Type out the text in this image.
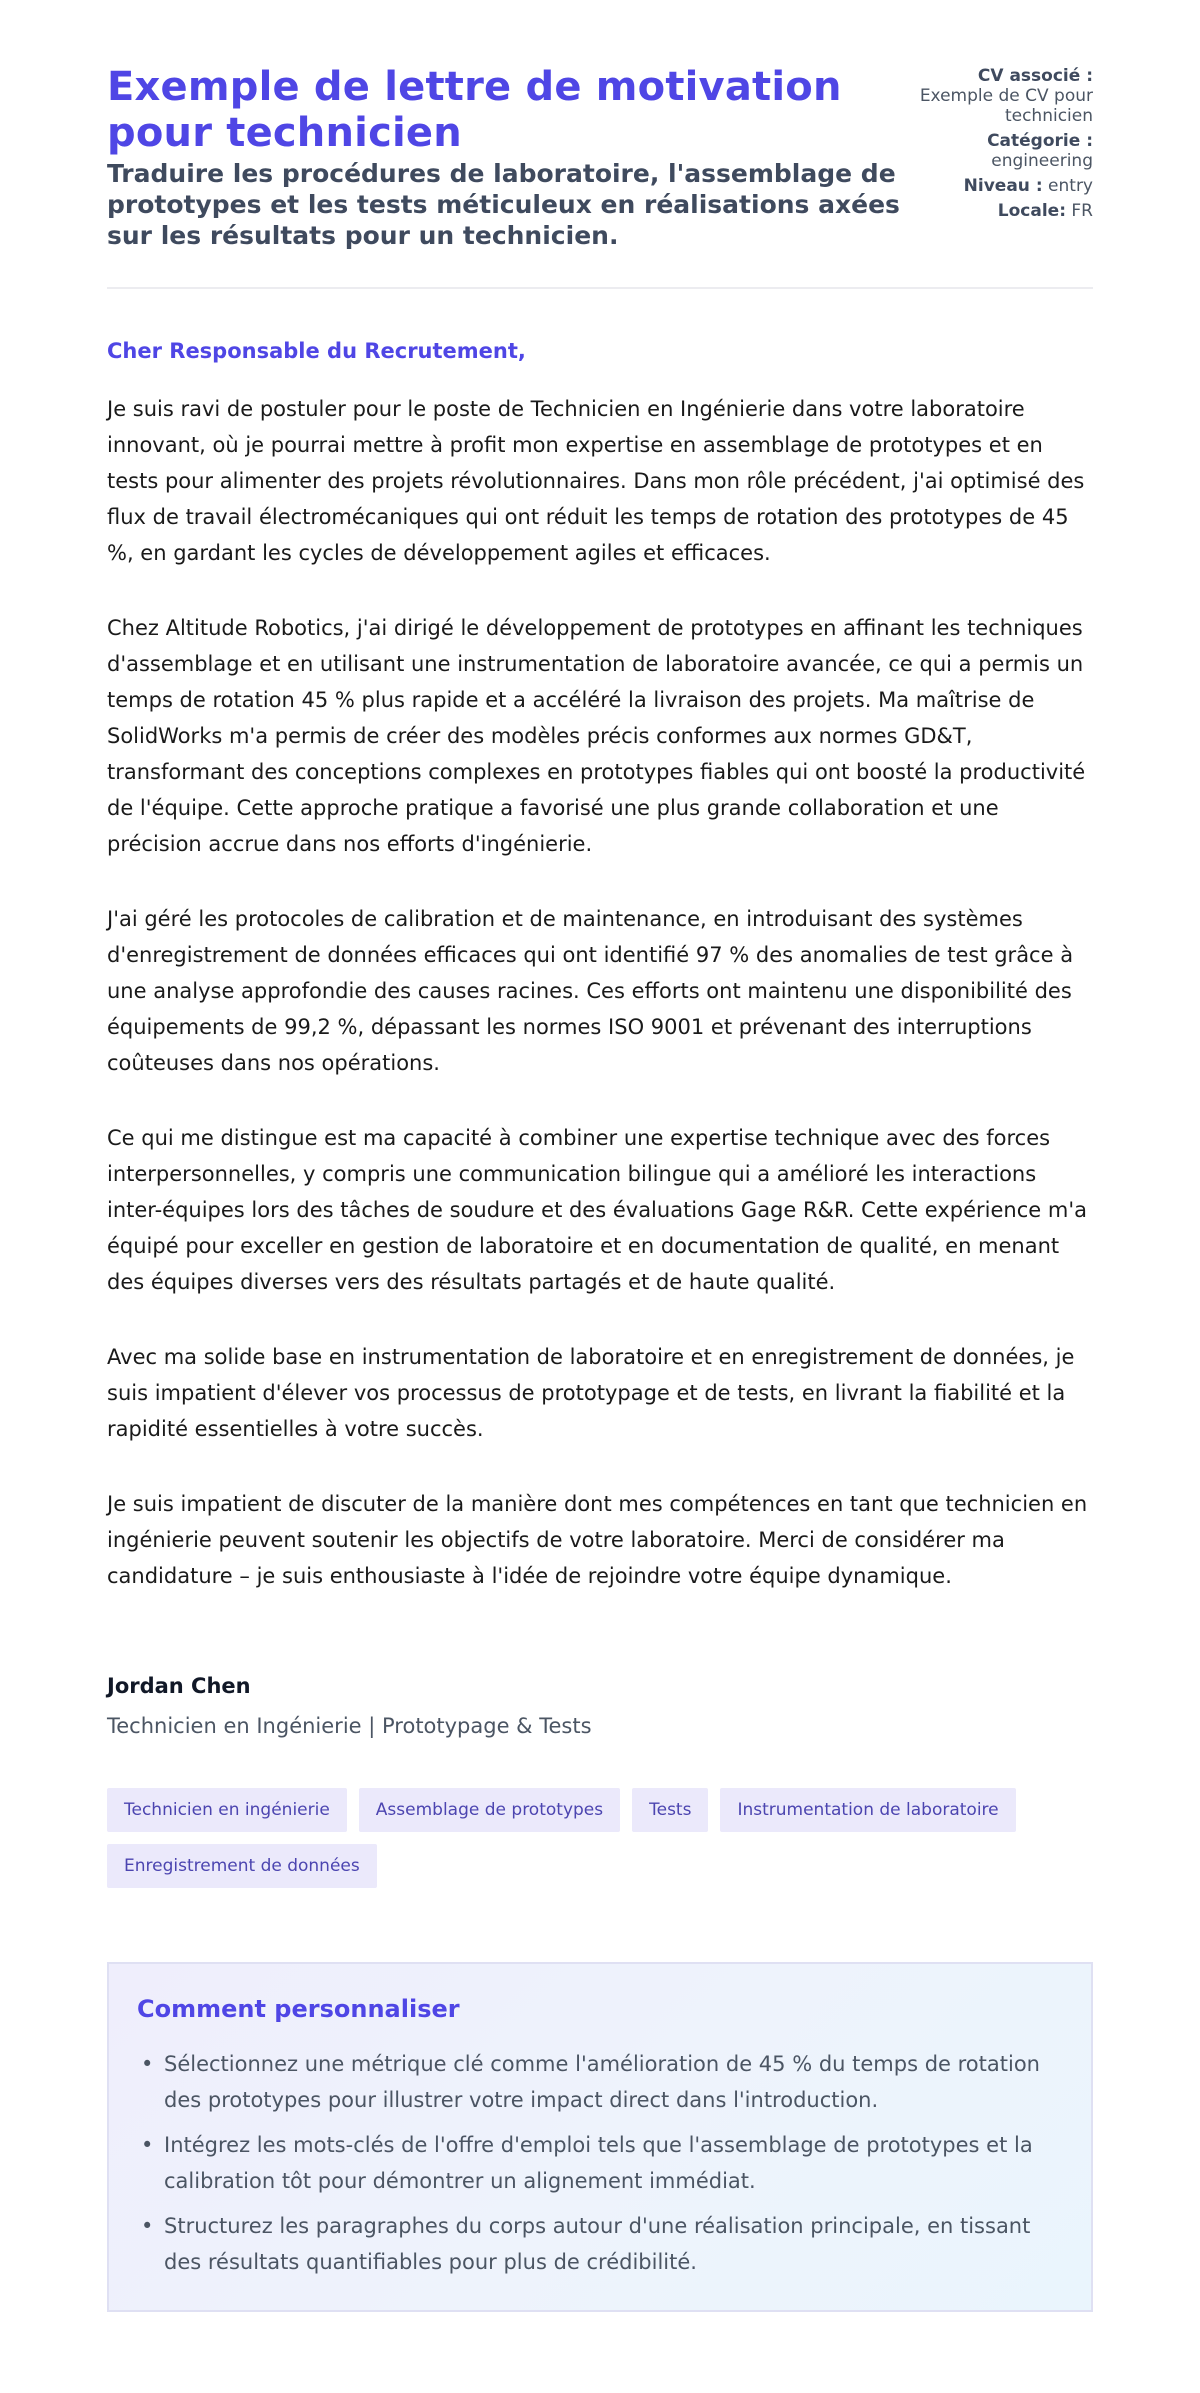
Exemple de lettre de motivation pour technicien
Traduire les procédures de laboratoire, l'assemblage de prototypes et les tests méticuleux en réalisations axées sur les résultats pour un technicien.
CV associé :
Exemple de CV pour technicien
Catégorie :
engineering
Niveau : entry
Locale: FR

Cher Responsable du Recrutement,

Je suis ravi de postuler pour le poste de Technicien en Ingénierie dans votre laboratoire innovant, où je pourrai mettre à profit mon expertise en assemblage de prototypes et en tests pour alimenter des projets révolutionnaires. Dans mon rôle précédent, j'ai optimisé des flux de travail électromécaniques qui ont réduit les temps de rotation des prototypes de 45 %, en gardant les cycles de développement agiles et efficaces.

Chez Altitude Robotics, j'ai dirigé le développement de prototypes en affinant les techniques d'assemblage et en utilisant une instrumentation de laboratoire avancée, ce qui a permis un temps de rotation 45 % plus rapide et a accéléré la livraison des projets. Ma maîtrise de SolidWorks m'a permis de créer des modèles précis conformes aux normes GD&T, transformant des conceptions complexes en prototypes fiables qui ont boosté la productivité de l'équipe. Cette approche pratique a favorisé une plus grande collaboration et une précision accrue dans nos efforts d'ingénierie.

J'ai géré les protocoles de calibration et de maintenance, en introduisant des systèmes d'enregistrement de données efficaces qui ont identifié 97 % des anomalies de test grâce à une analyse approfondie des causes racines. Ces efforts ont maintenu une disponibilité des équipements de 99,2 %, dépassant les normes ISO 9001 et prévenant des interruptions coûteuses dans nos opérations.

Ce qui me distingue est ma capacité à combiner une expertise technique avec des forces interpersonnelles, y compris une communication bilingue qui a amélioré les interactions inter-équipes lors des tâches de soudure et des évaluations Gage R&R. Cette expérience m'a équipé pour exceller en gestion de laboratoire et en documentation de qualité, en menant des équipes diverses vers des résultats partagés et de haute qualité.

Avec ma solide base en instrumentation de laboratoire et en enregistrement de données, je suis impatient d'élever vos processus de prototypage et de tests, en livrant la fiabilité et la rapidité essentielles à votre succès.

Je suis impatient de discuter de la manière dont mes compétences en tant que technicien en ingénierie peuvent soutenir les objectifs de votre laboratoire. Merci de considérer ma candidature – je suis enthousiaste à l'idée de rejoindre votre équipe dynamique.

Jordan Chen
Technicien en Ingénierie | Prototypage & Tests
Technicien en ingénierie	Assemblage de prototypes	Tests	Instrumentation de laboratoire
Enregistrement de données
Comment personnaliser
• Sélectionnez une métrique clé comme l'amélioration de 45 % du temps de rotation des prototypes pour illustrer votre impact direct dans l'introduction.
• Intégrez les mots-clés de l'offre d'emploi tels que l'assemblage de prototypes et la calibration tôt pour démontrer un alignement immédiat.
• Structurez les paragraphes du corps autour d'une réalisation principale, en tissant des résultats quantifiables pour plus de crédibilité.
